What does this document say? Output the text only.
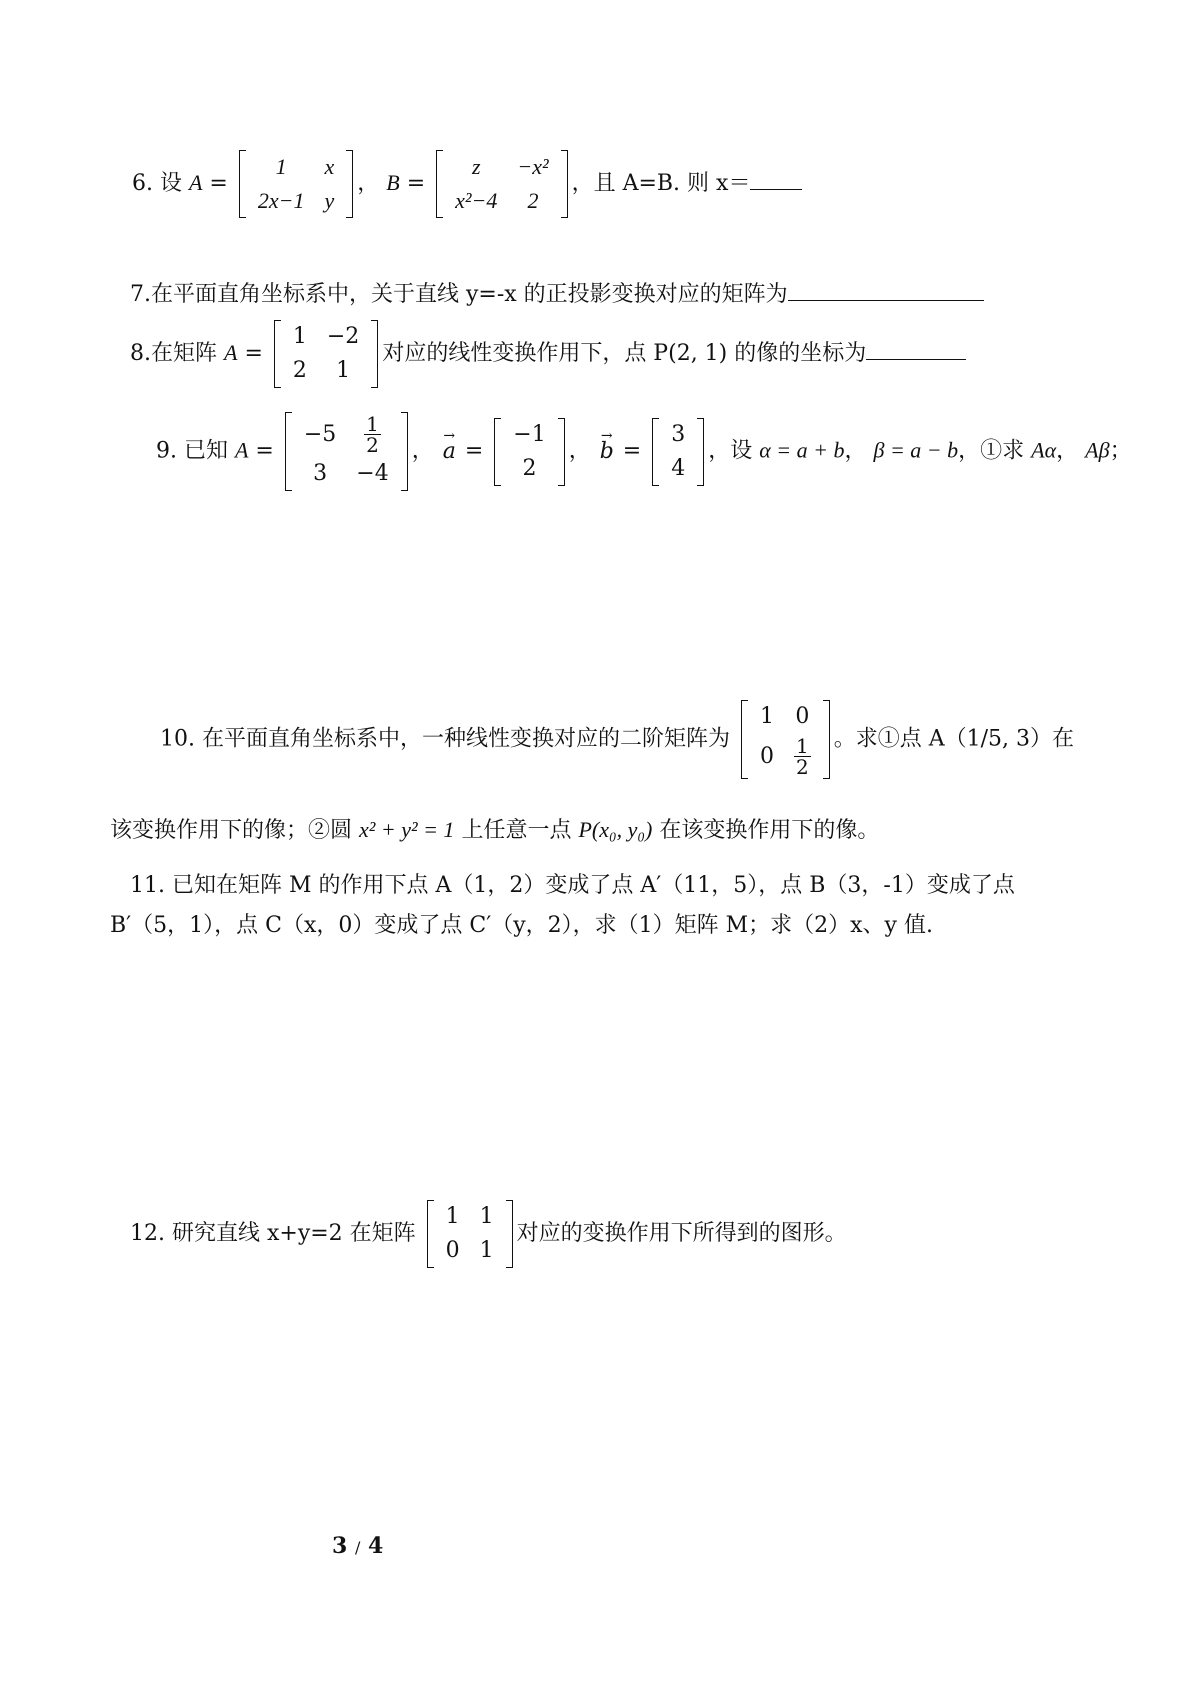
6. 设 A =
1	x
2x−1	y
， B =
z	−x²
x²−4	2
，且 A=B. 则 x＝
7.在平面直角坐标系中，关于直线 y=-x 的正投影变换对应的矩阵为
8.在矩阵 A =
1	−2
2	1
对应的线性变换作用下，点 P(2, 1) 的像的坐标为
9. 已知 A =
−5	$\frac{1}{2}$

3	−4
， → a =
−1
2
， → b =
3
4
，设 α = a + b， β = a − b，①求 Aα， Aβ；
10. 在平面直角坐标系中，一种线性变换对应的二阶矩阵为
1	0
0	$\frac{1}{2}$ 。求①点 A（1/5, 3）在
该变换作用下的像；②圆 x² + y² = 1 上任意一点 P(x₀, y₀) 在该变换作用下的像。
11. 已知在矩阵 M 的作用下点 A（1，2）变成了点 A′（11，5），点 B（3，-1）变成了点
B′（5，1），点 C（x，0）变成了点 C′（y，2），求（1）矩阵 M；求（2）x、y 值.
12. 研究直线 x+y=2 在矩阵
1	1
0	1
对应的变换作用下所得到的图形。
3 / 4
